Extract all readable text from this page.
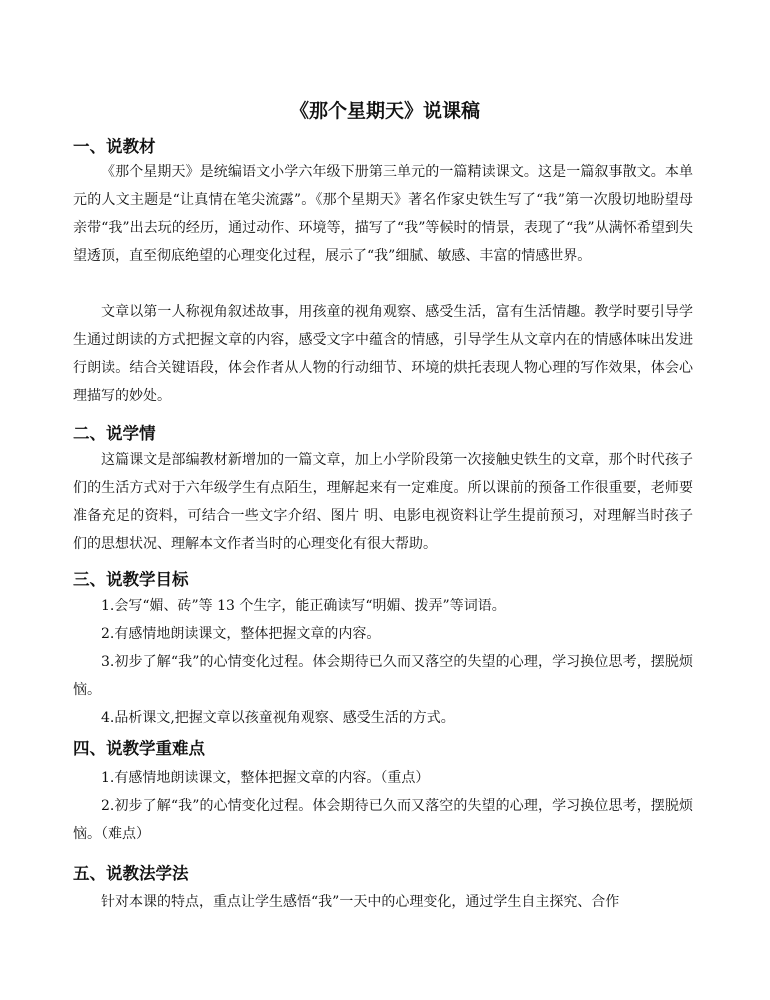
《那个星期天》说课稿
一、说教材

《那个星期天》是统编语文小学六年级下册第三单元的一篇精读课文。这是一篇叙事散文。本单元的人文主题是“让真情在笔尖流露”。《那个星期天》著名作家史铁生写了“我”第一次殷切地盼望母亲带“我”出去玩的经历，通过动作、环境等，描写了“我”等候时的情景，表现了“我”从满怀希望到失望透顶，直至彻底绝望的心理变化过程，展示了“我”细腻、敏感、丰富的情感世界。

文章以第一人称视角叙述故事，用孩童的视角观察、感受生活，富有生活情趣。教学时要引导学生通过朗读的方式把握文章的内容，感受文字中蕴含的情感，引导学生从文章内在的情感体味出发进行朗读。结合关键语段，体会作者从人物的行动细节、环境的烘托表现人物心理的写作效果，体会心理描写的妙处。

二、说学情

这篇课文是部编教材新增加的一篇文章，加上小学阶段第一次接触史铁生的文章，那个时代孩子们的生活方式对于六年级学生有点陌生，理解起来有一定难度。所以课前的预备工作很重要，老师要准备充足的资料，可结合一些文字介绍、图片 明、电影电视资料让学生提前预习，对理解当时孩子们的思想状况、理解本文作者当时的心理变化有很大帮助。

三、说教学目标

1.会写“媚、砖”等 13 个生字，能正确读写“明媚、拨弄”等词语。

2.有感情地朗读课文，整体把握文章的内容。

3.初步了解“我”的心情变化过程。体会期待已久而又落空的失望的心理，学习换位思考，摆脱烦恼。

4.品析课文,把握文章以孩童视角观察、感受生活的方式。

四、说教学重难点

1.有感情地朗读课文，整体把握文章的内容。（重点）

2.初步了解“我”的心情变化过程。体会期待已久而又落空的失望的心理，学习换位思考，摆脱烦恼。（难点）

五、说教法学法

针对本课的特点，重点让学生感悟“我”一天中的心理变化，通过学生自主探究、合作
